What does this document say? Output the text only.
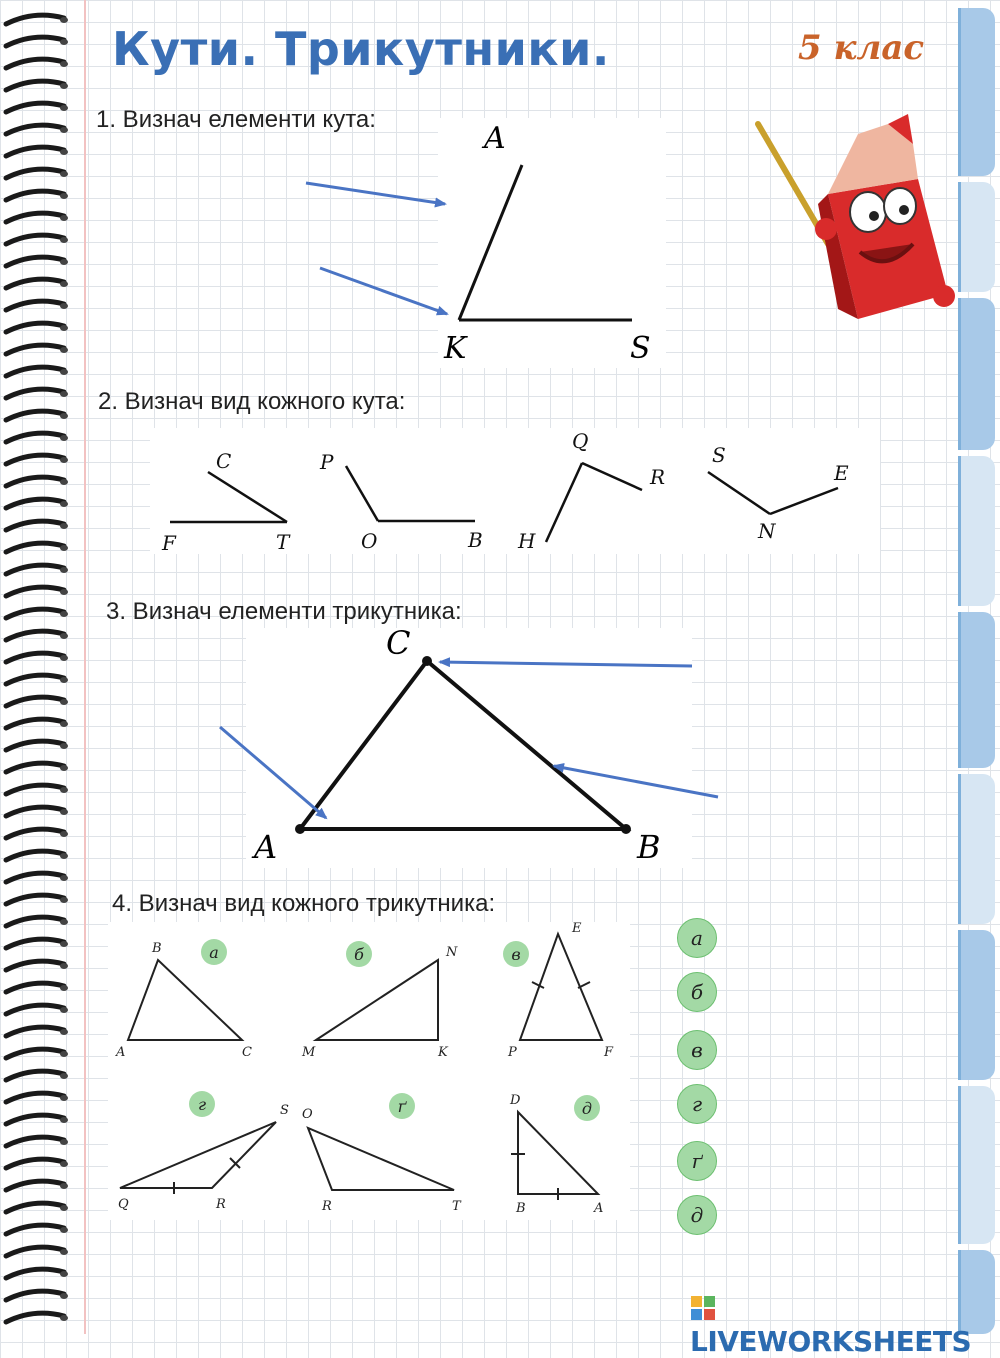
Кути. Трикутники.	5 клас

1. Визнач елементи кута:

A
K	S

2. Визнач вид кожного кута:

C
T
F
P
O	B
Q
R
H
S
N
E

3. Визнач елементи трикутника:

C
A	B

4. Визнач вид кожного трикутника:

а	б	в
г	ґ	д
B
A	C
N
M	K
E
P	F
S
Q	R
O
R	T
D
B	A
а
б
в
г
ґ
д
LIVEWORKSHEETS
